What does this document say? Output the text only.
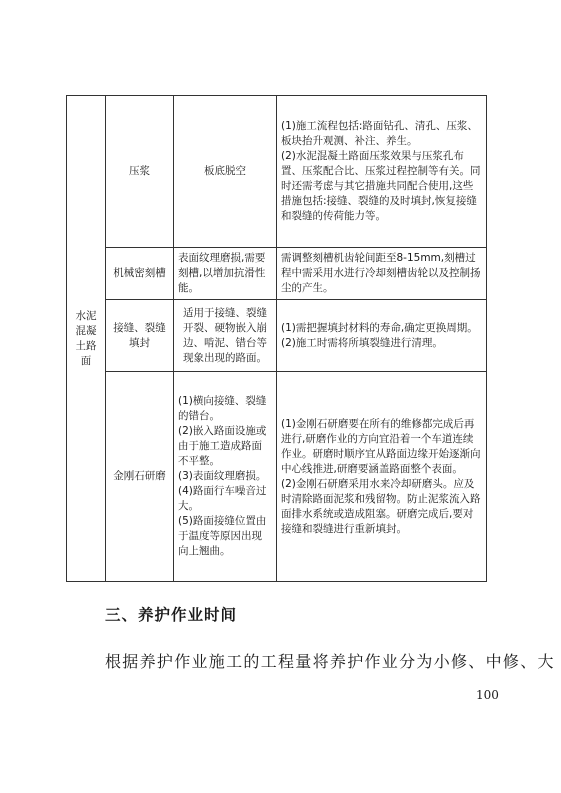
水泥混凝土路面	压浆	板底脱空	(1)施工流程包括:路面钻孔、清孔、压浆、板块抬升观测、补注、养生。
(2)水泥混凝土路面压浆效果与压浆孔布置、压浆配合比、压浆过程控制等有关。同时还需考虑与其它措施共同配合使用,这些措施包括:接缝、裂缝的及时填封,恢复接缝和裂缝的传荷能力等。

	机械密刻槽	表面纹理磨损,需要刻槽,以增加抗滑性能。	需调整刻槽机齿轮间距至8-15mm,刻槽过程中需采用水进行冷却刻槽齿轮以及控制扬尘的产生。

	接缝、裂缝填封	适用于接缝、裂缝开裂、硬物嵌入崩边、啃泥、错台等现象出现的路面。	(1)需把握填封材料的寿命,确定更换周期。
(2)施工时需将所填裂缝进行清理。

	金刚石研磨	(1)横向接缝、裂缝的错台。
(2)嵌入路面设施或由于施工造成路面不平整。
(3)表面纹理磨损。
(4)路面行车噪音过大。
(5)路面接缝位置由于温度等原因出现向上翘曲。	(1)金刚石研磨要在所有的维修都完成后再进行,研磨作业的方向宜沿着一个车道连续作业。研磨时顺序宜从路面边缘开始逐渐向中心线推进,研磨要涵盖路面整个表面。
(2)金刚石研磨采用水来冷却研磨头。应及时清除路面泥浆和残留物。防止泥浆流入路面排水系统或造成阻塞。研磨完成后,要对接缝和裂缝进行重新填封。
三、养护作业时间
根据养护作业施工的工程量将养护作业分为小修、中修、大
100
